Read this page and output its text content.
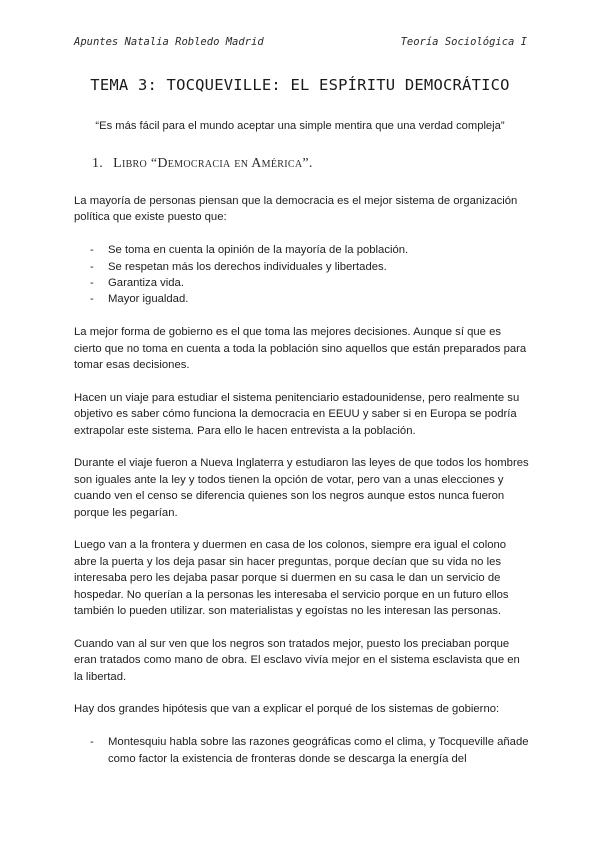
Apuntes Natalia Robledo Madrid	Teoría Sociológica I
TEMA 3: TOCQUEVILLE: EL ESPÍRITU DEMOCRÁTICO
“Es más fácil para el mundo aceptar una simple mentira que una verdad compleja”
1. Libro “Democracia en América”.

La mayoría de personas piensan que la democracia es el mejor sistema de organización política que existe puesto que:

- Se toma en cuenta la opinión de la mayoría de la población.
- Se respetan más los derechos individuales y libertades.
- Garantiza vida.
- Mayor igualdad.

La mejor forma de gobierno es el que toma las mejores decisiones. Aunque sí que es cierto que no toma en cuenta a toda la población sino aquellos que están preparados para tomar esas decisiones.

Hacen un viaje para estudiar el sistema penitenciario estadounidense, pero realmente su objetivo es saber cómo funciona la democracia en EEUU y saber si en Europa se podría extrapolar este sistema. Para ello le hacen entrevista a la población.

Durante el viaje fueron a Nueva Inglaterra y estudiaron las leyes de que todos los hombres son iguales ante la ley y todos tienen la opción de votar, pero van a unas elecciones y cuando ven el censo se diferencia quienes son los negros aunque estos nunca fueron porque les pegarían.

Luego van a la frontera y duermen en casa de los colonos, siempre era igual el colono abre la puerta y los deja pasar sin hacer preguntas, porque decían que su vida no les interesaba pero les dejaba pasar porque si duermen en su casa le dan un servicio de hospedar. No querían a la personas les interesaba el servicio porque en un futuro ellos también lo pueden utilizar. son materialistas y egoístas no les interesan las personas.

Cuando van al sur ven que los negros son tratados mejor, puesto los preciaban porque eran tratados como mano de obra. El esclavo vivía mejor en el sistema esclavista que en la libertad.

Hay dos grandes hipótesis que van a explicar el porqué de los sistemas de gobierno:

- Montesquiu habla sobre las razones geográficas como el clima, y Tocqueville añade como factor la existencia de fronteras donde se descarga la energía del
